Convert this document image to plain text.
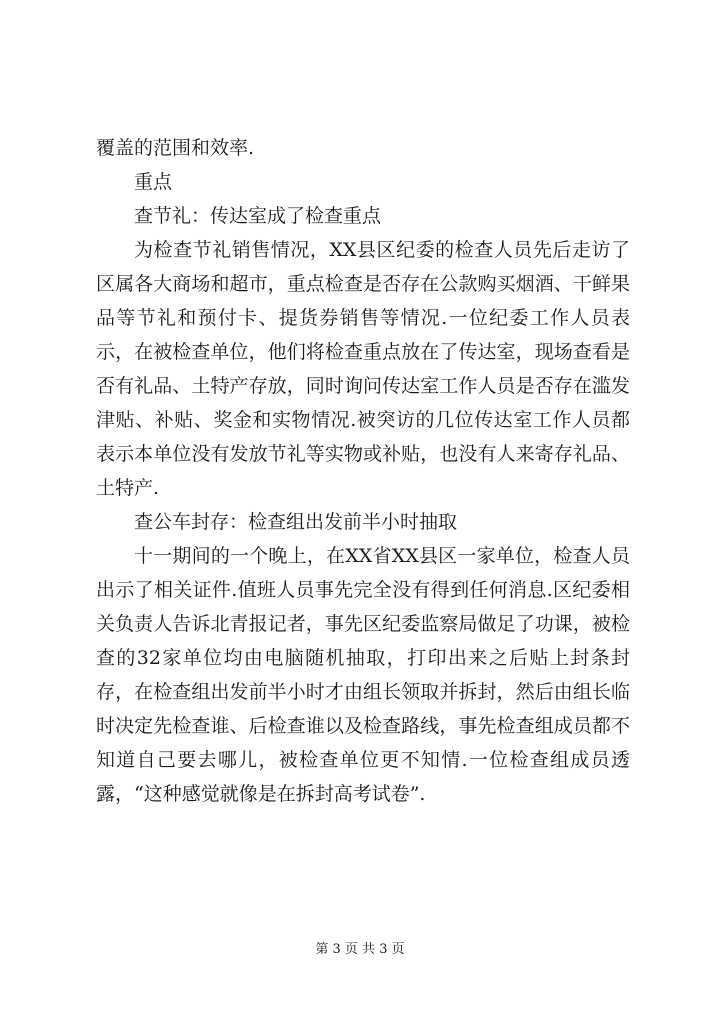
覆盖的范围和效率.

重点

查节礼：传达室成了检查重点

为检查节礼销售情况，XX县区纪委的检查人员先后走访了区属各大商场和超市，重点检查是否存在公款购买烟酒、干鲜果品等节礼和预付卡、提货券销售等情况.一位纪委工作人员表示，在被检查单位，他们将检查重点放在了传达室，现场查看是否有礼品、土特产存放，同时询问传达室工作人员是否存在滥发津贴、补贴、奖金和实物情况.被突访的几位传达室工作人员都表示本单位没有发放节礼等实物或补贴，也没有人来寄存礼品、土特产.

查公车封存：检查组出发前半小时抽取

十一期间的一个晚上，在XX省XX县区一家单位，检查人员出示了相关证件.值班人员事先完全没有得到任何消息.区纪委相关负责人告诉北青报记者，事先区纪委监察局做足了功课，被检查的32家单位均由电脑随机抽取，打印出来之后贴上封条封存，在检查组出发前半小时才由组长领取并拆封，然后由组长临时决定先检查谁、后检查谁以及检查路线，事先检查组成员都不知道自己要去哪儿，被检查单位更不知情.一位检查组成员透露，“这种感觉就像是在拆封高考试卷”.

第 3 页 共 3 页
